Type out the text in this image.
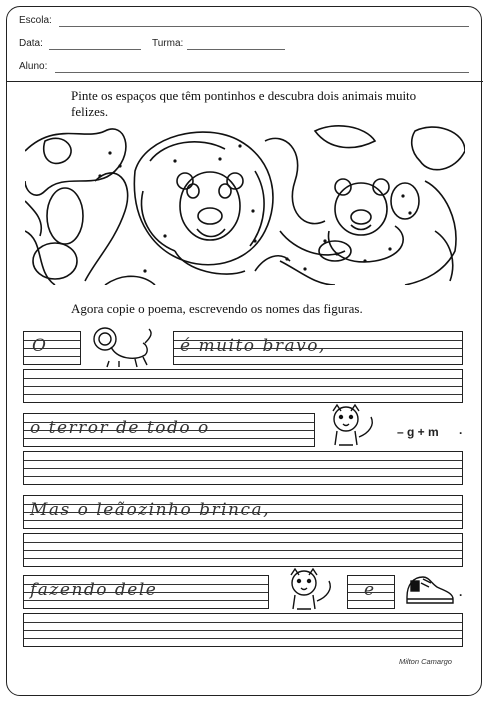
Escola:
Data:	Turma:
Aluno:
Pinte os espaços que têm pontinhos e descubra dois animais muito felizes.
Agora copie o poema, escrevendo os nomes das figuras.
O	é muito bravo,
o terror de todo o	– g + m .
Mas o leãozinho brinca,
fazendo dele	e	.
Milton Camargo
